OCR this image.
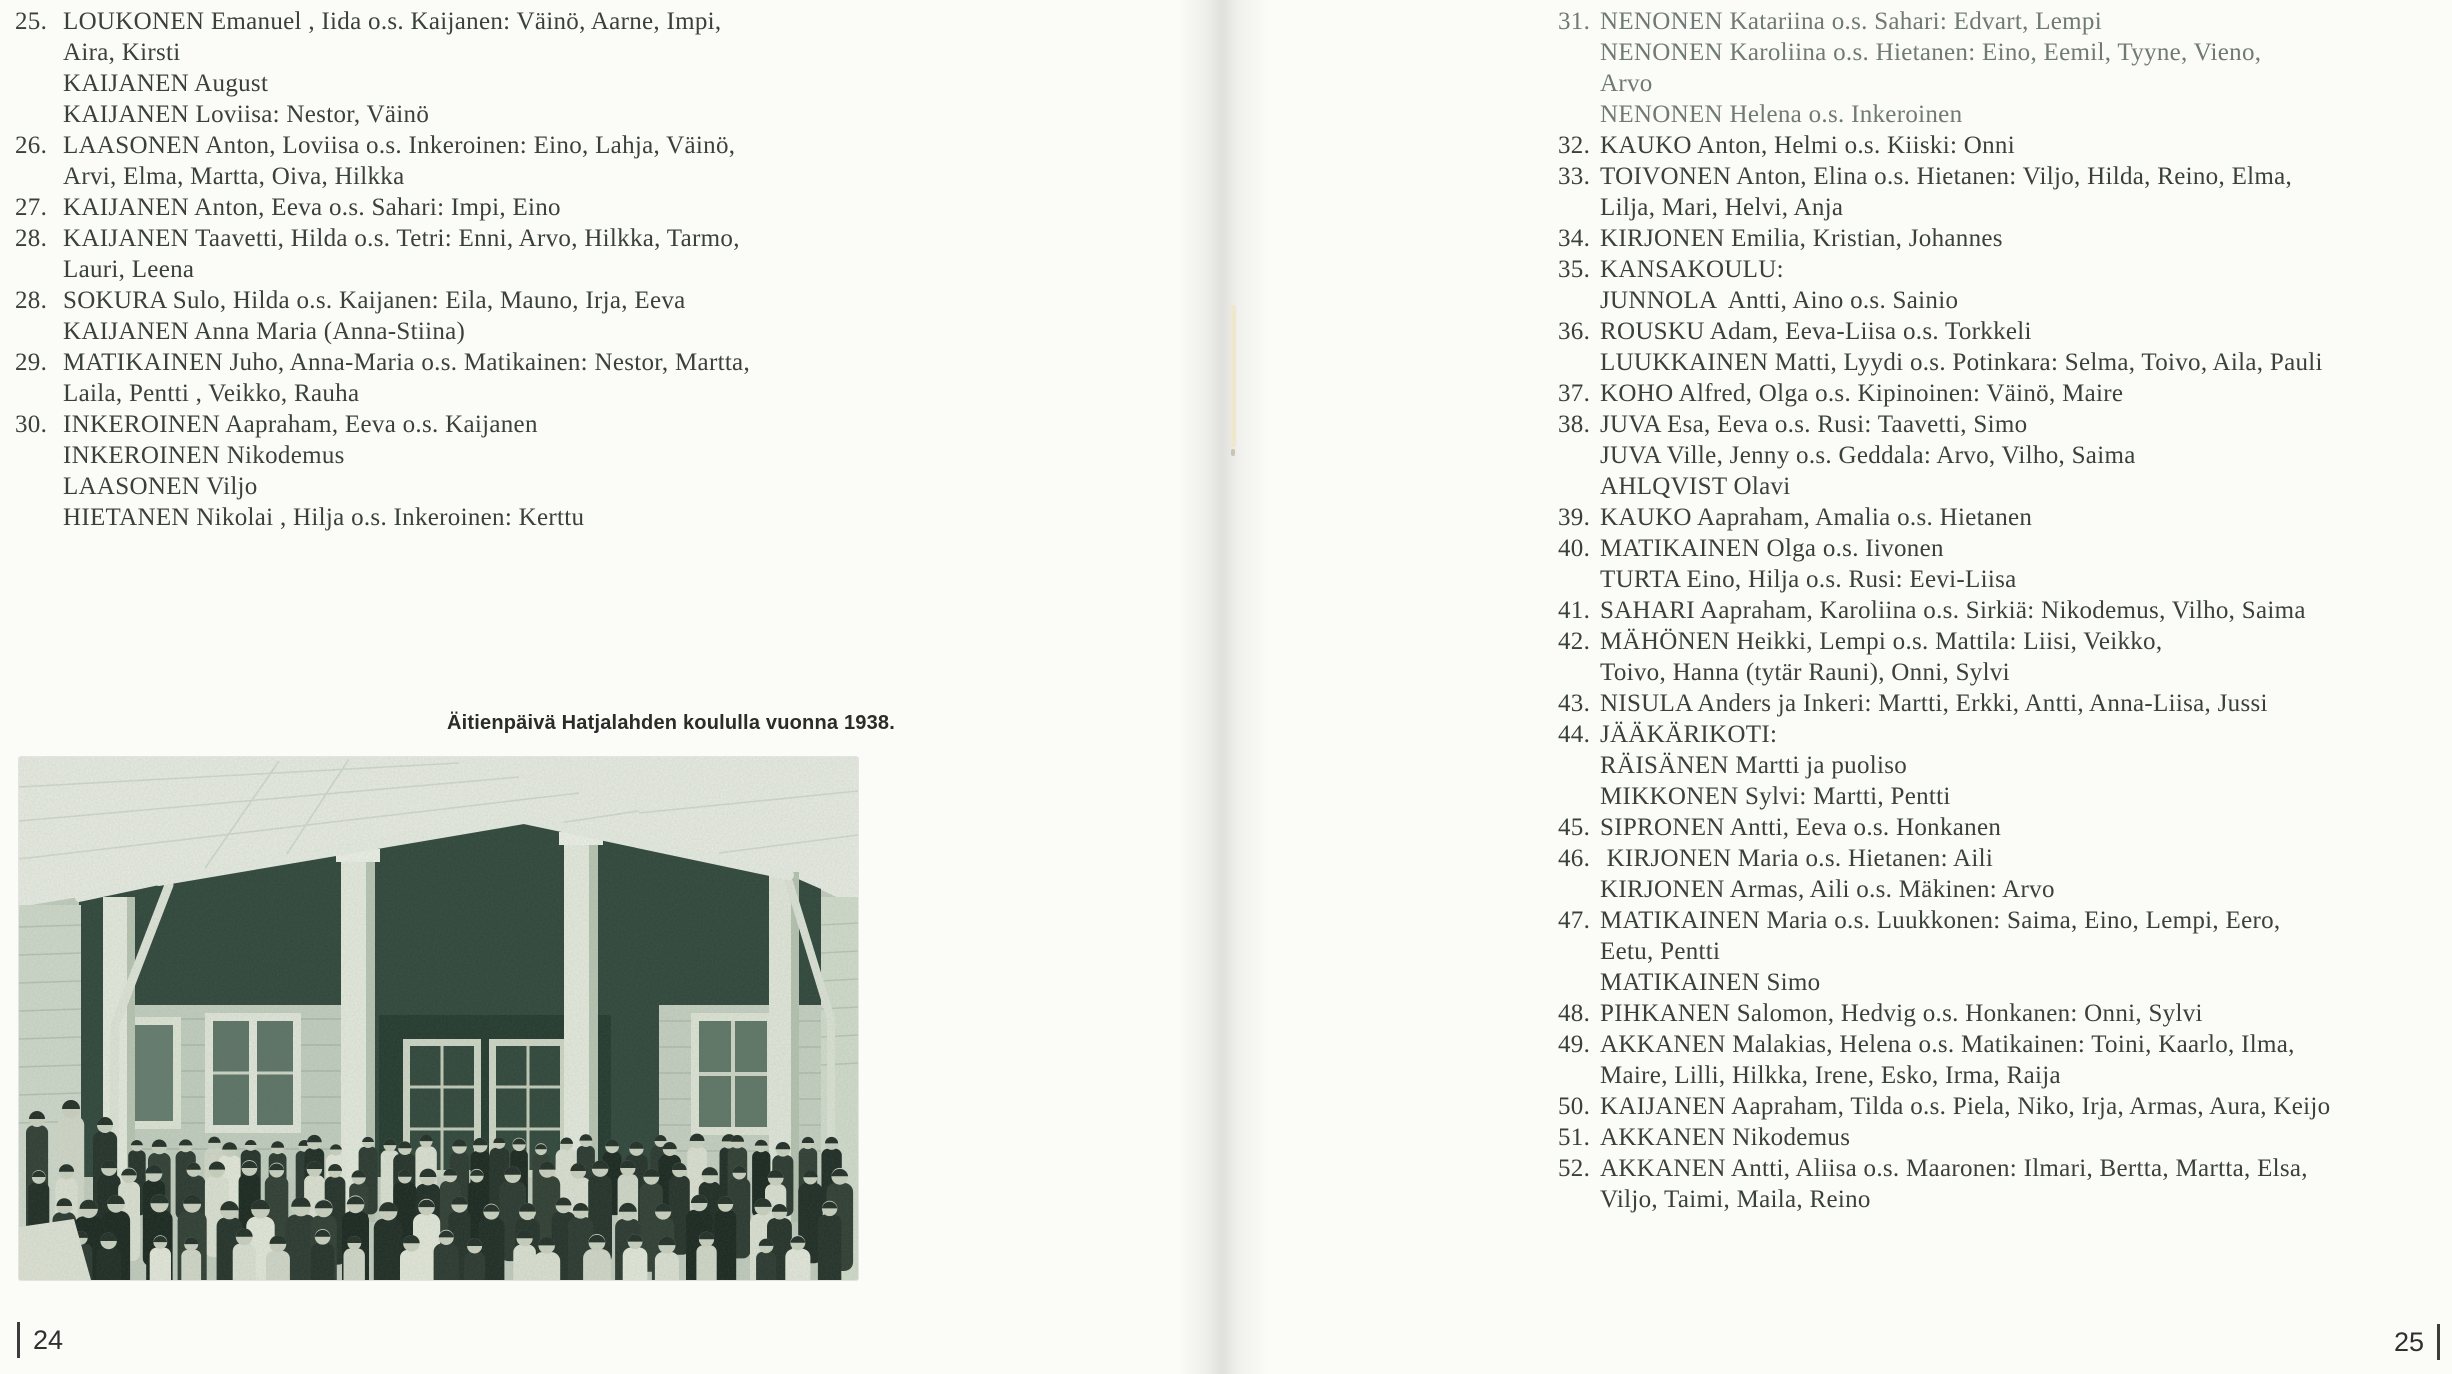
25. LOUKONEN Emanuel , Iida o.s. Kaijanen: Väinö, Aarne, Impi,
Aira, Kirsti
KAIJANEN August
KAIJANEN Loviisa: Nestor, Väinö
26. LAASONEN Anton, Loviisa o.s. Inkeroinen: Eino, Lahja, Väinö,
Arvi, Elma, Martta, Oiva, Hilkka
27. KAIJANEN Anton, Eeva o.s. Sahari: Impi, Eino
28. KAIJANEN Taavetti, Hilda o.s. Tetri: Enni, Arvo, Hilkka, Tarmo,
Lauri, Leena
28. SOKURA Sulo, Hilda o.s. Kaijanen: Eila, Mauno, Irja, Eeva
KAIJANEN Anna Maria (Anna-Stiina)
29. MATIKAINEN Juho, Anna-Maria o.s. Matikainen: Nestor, Martta,
Laila, Pentti , Veikko, Rauha
30. INKEROINEN Aapraham, Eeva o.s. Kaijanen
INKEROINEN Nikodemus
LAASONEN Viljo
HIETANEN Nikolai , Hilja o.s. Inkeroinen: Kerttu
Äitienpäivä Hatjalahden koululla vuonna 1938.
31. NENONEN Katariina o.s. Sahari: Edvart, Lempi
NENONEN Karoliina o.s. Hietanen: Eino, Eemil, Tyyne, Vieno,
Arvo
NENONEN Helena o.s. Inkeroinen
32. KAUKO Anton, Helmi o.s. Kiiski: Onni
33. TOIVONEN Anton, Elina o.s. Hietanen: Viljo, Hilda, Reino, Elma,
Lilja, Mari, Helvi, Anja
34. KIRJONEN Emilia, Kristian, Johannes
35. KANSAKOULU:
JUNNOLA  Antti, Aino o.s. Sainio
36. ROUSKU Adam, Eeva-Liisa o.s. Torkkeli
LUUKKAINEN Matti, Lyydi o.s. Potinkara: Selma, Toivo, Aila, Pauli
37. KOHO Alfred, Olga o.s. Kipinoinen: Väinö, Maire
38. JUVA Esa, Eeva o.s. Rusi: Taavetti, Simo
JUVA Ville, Jenny o.s. Geddala: Arvo, Vilho, Saima
AHLQVIST Olavi
39. KAUKO Aapraham, Amalia o.s. Hietanen
40. MATIKAINEN Olga o.s. Iivonen
TURTA Eino, Hilja o.s. Rusi: Eevi-Liisa
41. SAHARI Aapraham, Karoliina o.s. Sirkiä: Nikodemus, Vilho, Saima
42. MÄHÖNEN Heikki, Lempi o.s. Mattila: Liisi, Veikko,
Toivo, Hanna (tytär Rauni), Onni, Sylvi
43. NISULA Anders ja Inkeri: Martti, Erkki, Antti, Anna-Liisa, Jussi
44. JÄÄKÄRIKOTI:
RÄISÄNEN Martti ja puoliso
MIKKONEN Sylvi: Martti, Pentti
45. SIPRONEN Antti, Eeva o.s. Honkanen
46. KIRJONEN Maria o.s. Hietanen: Aili
KIRJONEN Armas, Aili o.s. Mäkinen: Arvo
47. MATIKAINEN Maria o.s. Luukkonen: Saima, Eino, Lempi, Eero,
Eetu, Pentti
MATIKAINEN Simo
48. PIHKANEN Salomon, Hedvig o.s. Honkanen: Onni, Sylvi
49. AKKANEN Malakias, Helena o.s. Matikainen: Toini, Kaarlo, Ilma,
Maire, Lilli, Hilkka, Irene, Esko, Irma, Raija
50. KAIJANEN Aapraham, Tilda o.s. Piela, Niko, Irja, Armas, Aura, Keijo
51. AKKANEN Nikodemus
52. AKKANEN Antti, Aliisa o.s. Maaronen: Ilmari, Bertta, Martta, Elsa,
Viljo, Taimi, Maila, Reino
24	25
